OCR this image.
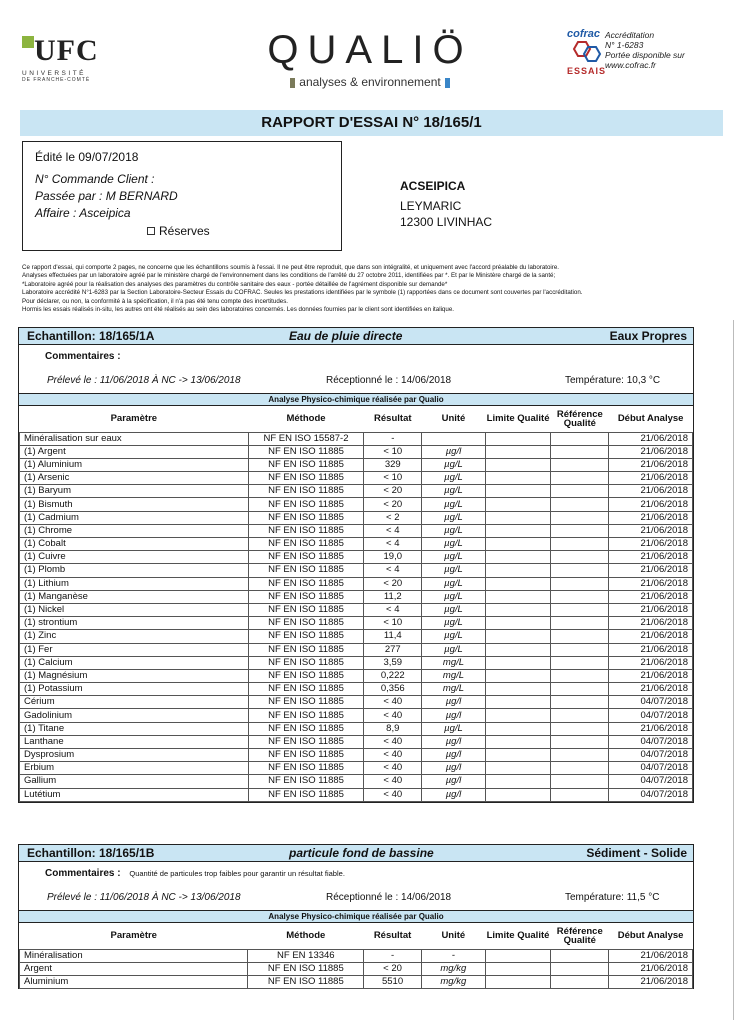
UFC
UNIVERSITÉ
DE FRANCHE-COMTÉ
QUALIÖ
analyses & environnement
cofrac
ESSAIS
Accréditation
N° 1-6283
Portée disponible sur
www.cofrac.fr
RAPPORT D'ESSAI N° 18/165/1
Édité le 09/07/2018
N° Commande Client :
Passée par : M BERNARD
Affaire : Asceipica
Réserves
ACSEIPICA
LEYMARIC
12300 LIVINHAC
Ce rapport d'essai, qui comporte 2 pages, ne concerne que les échantillons soumis à l'essai. Il ne peut être reproduit, que dans son intégralité, et uniquement avec l'accord préalable du laboratoire.
Analyses effectuées par un laboratoire agréé par le ministère chargé de l'environnement dans les conditions de l'arrêté du 27 octobre 2011, identifiées par *. Et par le Ministère chargé de la santé;
*Laboratoire agréé pour la réalisation des analyses des paramètres du contrôle sanitaire des eaux - portée détaillée de l'agrément disponible sur demande*
Laboratoire accrédité N°1-6283 par la Section Laboratoire-Secteur Essais du COFRAC. Seules les prestations identifiées par le symbole (1) rapportées dans ce document sont couvertes par l'accréditation.
Pour déclarer, ou non, la conformité à la spécification, il n'a pas été tenu compte des incertitudes.
Hormis les essais réalisés in-situ, les autres ont été réalisés au sein des laboratoires concernés. Les données fournies par le client sont identifiées en italique.
Echantillon: 18/165/1A	Eau de pluie directe	Eaux Propres
Commentaires :
Prélevé le : 11/06/2018 À NC -> 13/06/2018	Réceptionné le : 14/06/2018	Température: 10,3 °C
Analyse Physico-chimique réalisée par Qualio
Paramètre	Méthode	Résultat	Unité	Limite Qualité	Référence Qualité	Début Analyse
Minéralisation sur eaux	NF EN ISO 15587-2	-				21/06/2018
(1) Argent	NF EN ISO 11885	< 10	µg/l			21/06/2018
(1) Aluminium	NF EN ISO 11885	329	µg/L			21/06/2018
(1) Arsenic	NF EN ISO 11885	< 10	µg/L			21/06/2018
(1) Baryum	NF EN ISO 11885	< 20	µg/L			21/06/2018
(1) Bismuth	NF EN ISO 11885	< 20	µg/L			21/06/2018
(1) Cadmium	NF EN ISO 11885	< 2	µg/L			21/06/2018
(1) Chrome	NF EN ISO 11885	< 4	µg/L			21/06/2018
(1) Cobalt	NF EN ISO 11885	< 4	µg/L			21/06/2018
(1) Cuivre	NF EN ISO 11885	19,0	µg/L			21/06/2018
(1) Plomb	NF EN ISO 11885	< 4	µg/L			21/06/2018
(1) Lithium	NF EN ISO 11885	< 20	µg/L			21/06/2018
(1) Manganèse	NF EN ISO 11885	11,2	µg/L			21/06/2018
(1) Nickel	NF EN ISO 11885	< 4	µg/L			21/06/2018
(1) strontium	NF EN ISO 11885	< 10	µg/L			21/06/2018
(1) Zinc	NF EN ISO 11885	11,4	µg/L			21/06/2018
(1) Fer	NF EN ISO 11885	277	µg/L			21/06/2018
(1) Calcium	NF EN ISO 11885	3,59	mg/L			21/06/2018
(1) Magnésium	NF EN ISO 11885	0,222	mg/L			21/06/2018
(1) Potassium	NF EN ISO 11885	0,356	mg/L			21/06/2018
Cérium	NF EN ISO 11885	< 40	µg/l			04/07/2018
Gadolinium	NF EN ISO 11885	< 40	µg/l			04/07/2018
(1) Titane	NF EN ISO 11885	8,9	µg/L			21/06/2018
Lanthane	NF EN ISO 11885	< 40	µg/l			04/07/2018
Dysprosium	NF EN ISO 11885	< 40	µg/l			04/07/2018
Erbium	NF EN ISO 11885	< 40	µg/l			04/07/2018
Gallium	NF EN ISO 11885	< 40	µg/l			04/07/2018
Lutétium	NF EN ISO 11885	< 40	µg/l			04/07/2018
Echantillon: 18/165/1B	particule fond de bassine	Sédiment - Solide
Commentaires : Quantité de particules trop faibles pour garantir un résultat fiable.
Prélevé le : 11/06/2018 À NC -> 13/06/2018	Réceptionné le : 14/06/2018	Température: 11,5 °C
Analyse Physico-chimique réalisée par Qualio
Paramètre	Méthode	Résultat	Unité	Limite Qualité	Référence Qualité	Début Analyse
Minéralisation	NF EN 13346	-	-			21/06/2018
Argent	NF EN ISO 11885	< 20	mg/kg			21/06/2018
Aluminium	NF EN ISO 11885	5510	mg/kg			21/06/2018
